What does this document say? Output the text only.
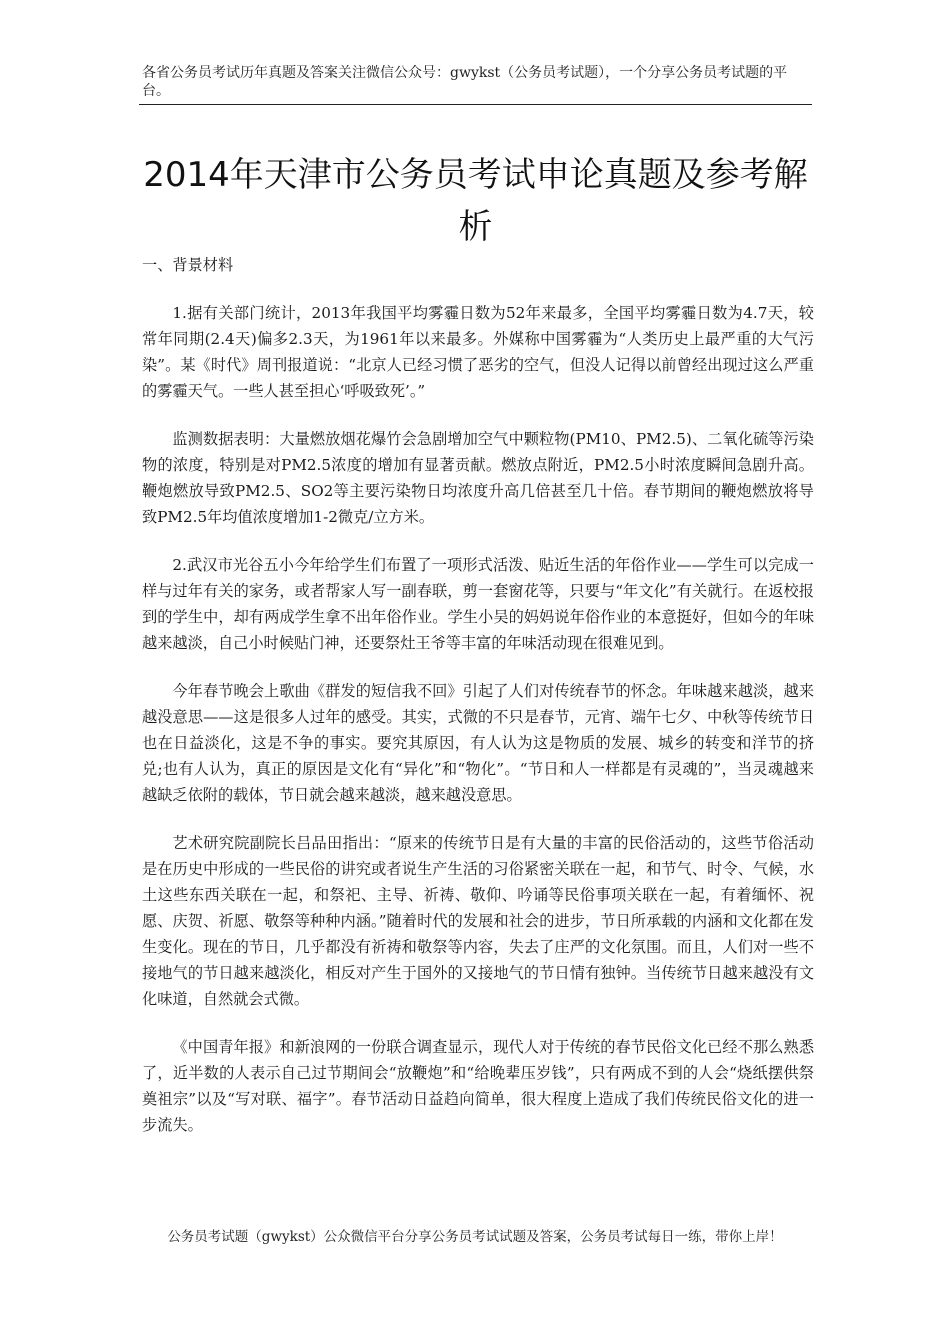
各省公务员考试历年真题及答案关注微信公众号：gwykst（公务员考试题），一个分享公务员考试题的平台。
2014年天津市公务员考试申论真题及参考解析
一、背景材料

1.据有关部门统计，2013年我国平均雾霾日数为52年来最多，全国平均雾霾日数为4.7天，较常年同期(2.4天)偏多2.3天，为1961年以来最多。外媒称中国雾霾为“人类历史上最严重的大气污染”。某《时代》周刊报道说：“北京人已经习惯了恶劣的空气，但没人记得以前曾经出现过这么严重的雾霾天气。一些人甚至担心‘呼吸致死’。”

监测数据表明：大量燃放烟花爆竹会急剧增加空气中颗粒物(PM10、PM2.5)、二氧化硫等污染物的浓度，特别是对PM2.5浓度的增加有显著贡献。燃放点附近，PM2.5小时浓度瞬间急剧升高。鞭炮燃放导致PM2.5、SO2等主要污染物日均浓度升高几倍甚至几十倍。春节期间的鞭炮燃放将导致PM2.5年均值浓度增加1-2微克/立方米。

2.武汉市光谷五小今年给学生们布置了一项形式活泼、贴近生活的年俗作业——学生可以完成一样与过年有关的家务，或者帮家人写一副春联，剪一套窗花等，只要与“年文化”有关就行。在返校报到的学生中，却有两成学生拿不出年俗作业。学生小吴的妈妈说年俗作业的本意挺好，但如今的年味越来越淡，自己小时候贴门神，还要祭灶王爷等丰富的年味活动现在很难见到。

今年春节晚会上歌曲《群发的短信我不回》引起了人们对传统春节的怀念。年味越来越淡，越来越没意思——这是很多人过年的感受。其实，式微的不只是春节，元宵、端午七夕、中秋等传统节日也在日益淡化，这是不争的事实。要究其原因，有人认为这是物质的发展、城乡的转变和洋节的挤兑;也有人认为，真正的原因是文化有“异化”和“物化”。“节日和人一样都是有灵魂的”，当灵魂越来越缺乏依附的载体，节日就会越来越淡，越来越没意思。

艺术研究院副院长吕品田指出：“原来的传统节日是有大量的丰富的民俗活动的，这些节俗活动是在历史中形成的一些民俗的讲究或者说生产生活的习俗紧密关联在一起，和节气、时令、气候，水土这些东西关联在一起，和祭祀、主导、祈祷、敬仰、吟诵等民俗事项关联在一起，有着缅怀、祝愿、庆贺、祈愿、敬祭等种种内涵。”随着时代的发展和社会的进步，节日所承载的内涵和文化都在发生变化。现在的节日，几乎都没有祈祷和敬祭等内容，失去了庄严的文化氛围。而且，人们对一些不接地气的节日越来越淡化，相反对产生于国外的又接地气的节日情有独钟。当传统节日越来越没有文化味道，自然就会式微。

《中国青年报》和新浪网的一份联合调查显示，现代人对于传统的春节民俗文化已经不那么熟悉了，近半数的人表示自己过节期间会“放鞭炮”和“给晚辈压岁钱”，只有两成不到的人会“烧纸摆供祭奠祖宗”以及“写对联、福字”。春节活动日益趋向简单，很大程度上造成了我们传统民俗文化的进一步流失。

公务员考试题（gwykst）公众微信平台分享公务员考试试题及答案，公务员考试每日一练，带你上岸！
